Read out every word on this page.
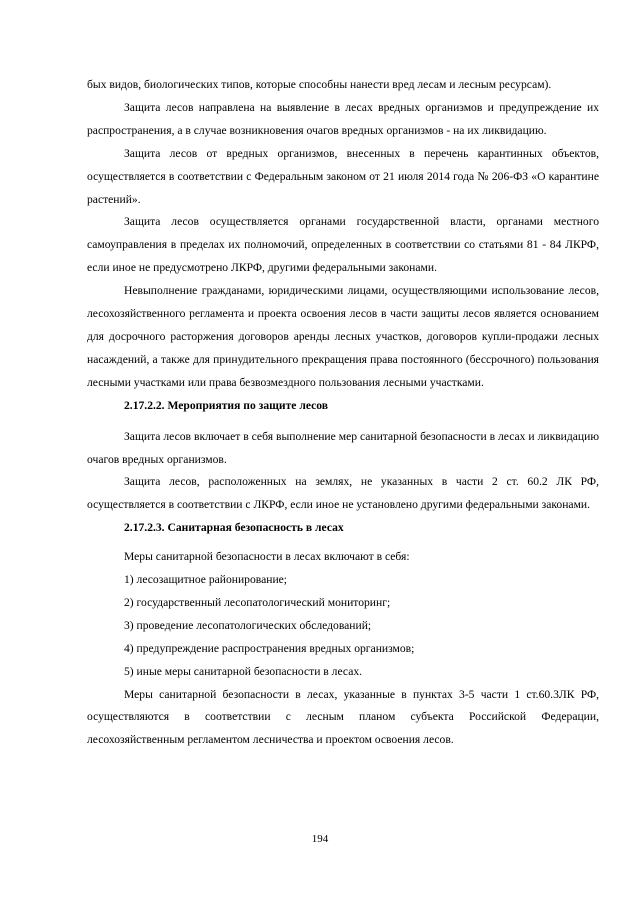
бых видов, биологических типов, которые способны нанести вред лесам и лесным ресурсам).

Защита лесов направлена на выявление в лесах вредных организмов и предупреждение их распространения, а в случае возникновения очагов вредных организмов - на их ликвидацию.

Защита лесов от вредных организмов, внесенных в перечень карантинных объектов, осуществляется в соответствии с Федеральным законом от 21 июля 2014 года № 206-ФЗ «О карантине растений».

Защита лесов осуществляется органами государственной власти, органами местного самоуправления в пределах их полномочий, определенных в соответствии со статьями 81 - 84 ЛКРФ, если иное не предусмотрено ЛКРФ, другими федеральными законами.

Невыполнение гражданами, юридическими лицами, осуществляющими использование лесов, лесохозяйственного регламента и проекта освоения лесов в части защиты лесов является основанием для досрочного расторжения договоров аренды лесных участков, договоров купли-продажи лесных насаждений, а также для принудительного прекращения права постоянного (бессрочного) пользования лесными участками или права безвозмездного пользования лесными участками.

2.17.2.2. Мероприятия по защите лесов

Защита лесов включает в себя выполнение мер санитарной безопасности в лесах и ликвидацию очагов вредных организмов.

Защита лесов, расположенных на землях, не указанных в части 2 ст. 60.2 ЛК РФ, осуществляется в соответствии с ЛКРФ, если иное не установлено другими федеральными законами.

2.17.2.3. Санитарная безопасность в лесах

Меры санитарной безопасности в лесах включают в себя:

1) лесозащитное районирование;

2) государственный лесопатологический мониторинг;

3) проведение лесопатологических обследований;

4) предупреждение распространения вредных организмов;

5) иные меры санитарной безопасности в лесах.

Меры санитарной безопасности в лесах, указанные в пунктах 3-5 части 1 ст.60.3ЛК РФ, осуществляются в соответствии с лесным планом субъекта Российской Федерации, лесохозяйственным регламентом лесничества и проектом освоения лесов.

194
